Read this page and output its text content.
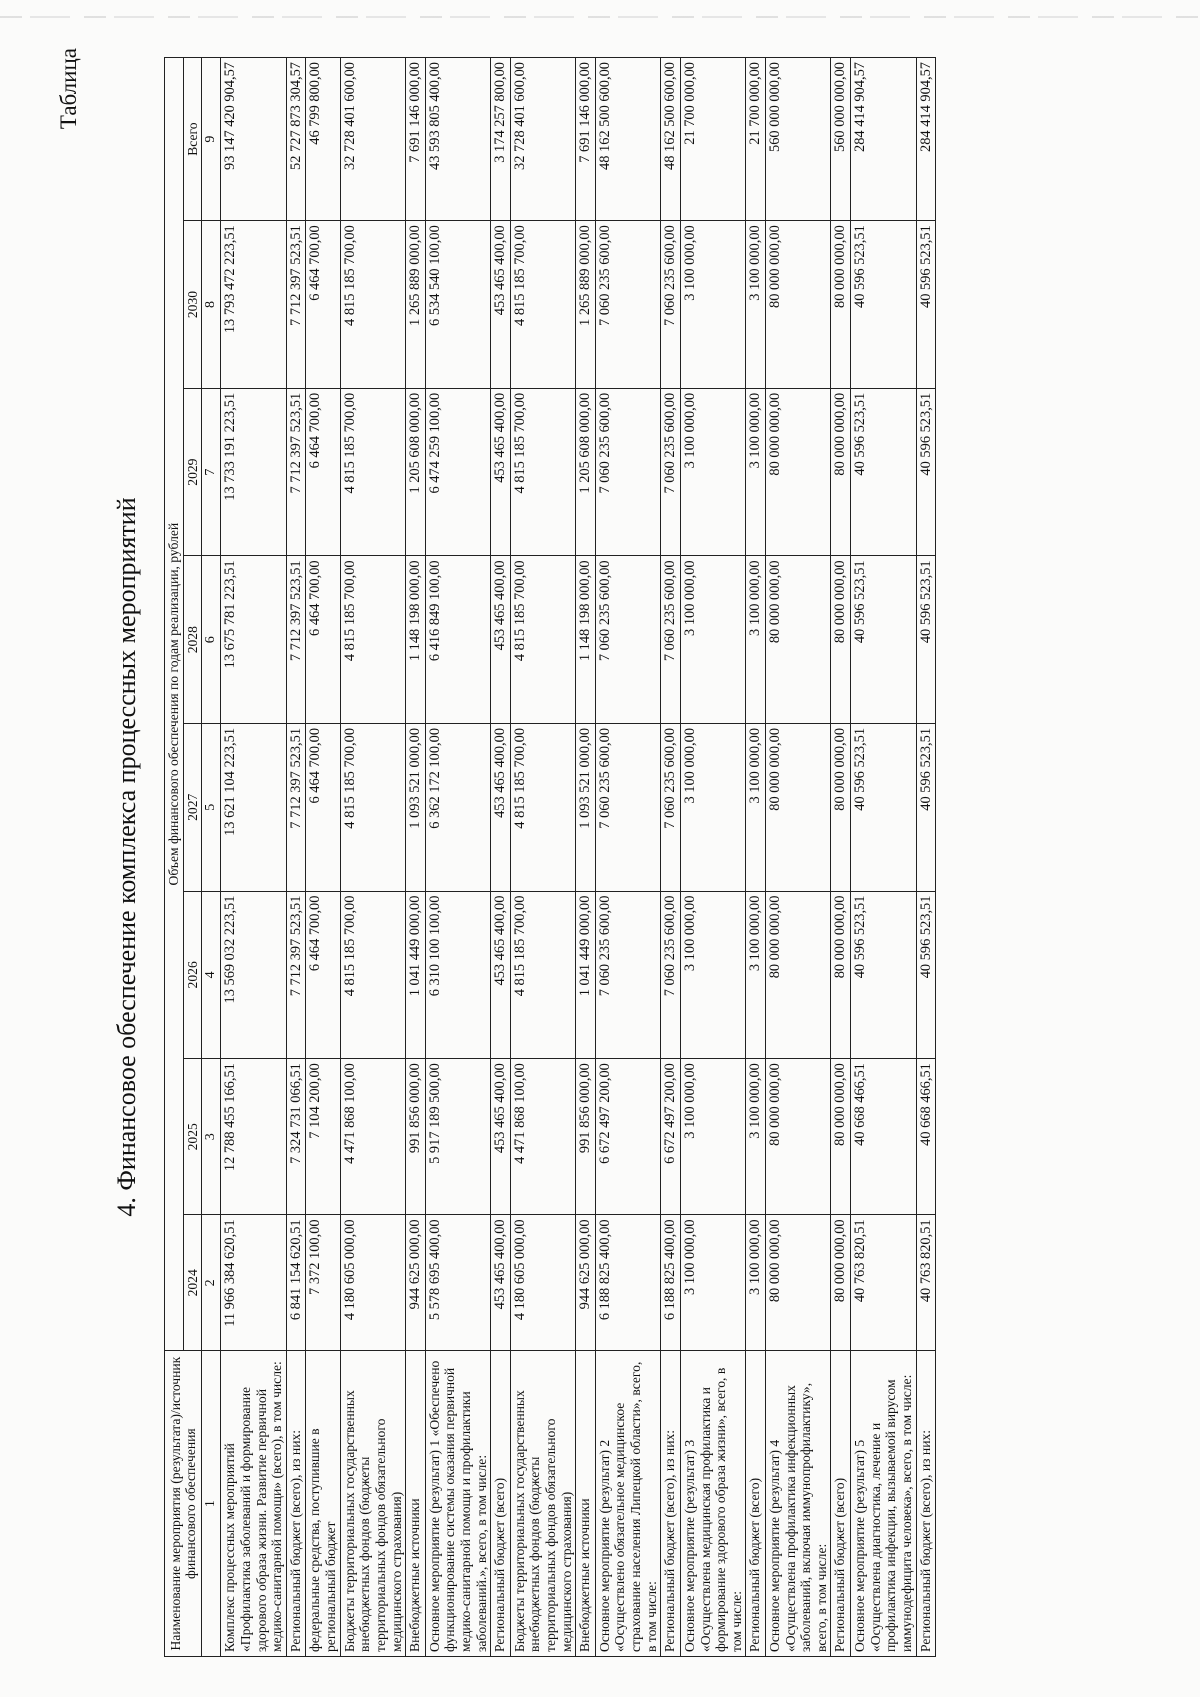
Таблица
4. Финансовое обеспечение комплекса процессных мероприятий
Наименование мероприятия (результата)/источник финансового обеспечения	Объем финансового обеспечения по годам реализации, рублей							
	2024	2025	2026	2027	2028	2029	2030	Всего
1	2	3	4	5	6	7	8	9
Комплекс процессных мероприятий «Профилактика заболеваний и формирование здорового образа жизни. Развитие первичной медико-санитарной помощи» (всего), в том числе:	11 966 384 620,51	12 788 455 166,51	13 569 032 223,51	13 621 104 223,51	13 675 781 223,51	13 733 191 223,51	13 793 472 223,51	93 147 420 904,57
Региональный бюджет (всего), из них:	6 841 154 620,51	7 324 731 066,51	7 712 397 523,51	7 712 397 523,51	7 712 397 523,51	7 712 397 523,51	7 712 397 523,51	52 727 873 304,57
федеральные средства, поступившие в региональный бюджет	7 372 100,00	7 104 200,00	6 464 700,00	6 464 700,00	6 464 700,00	6 464 700,00	6 464 700,00	46 799 800,00
Бюджеты территориальных государственных внебюджетных фондов (бюджеты территориальных фондов обязательного медицинского страхования)	4 180 605 000,00	4 471 868 100,00	4 815 185 700,00	4 815 185 700,00	4 815 185 700,00	4 815 185 700,00	4 815 185 700,00	32 728 401 600,00
Внебюджетные источники	944 625 000,00	991 856 000,00	1 041 449 000,00	1 093 521 000,00	1 148 198 000,00	1 205 608 000,00	1 265 889 000,00	7 691 146 000,00
Основное мероприятие (результат) 1 «Обеспечено функционирование системы оказания первичной медико-санитарной помощи и профилактики заболеваний.», всего, в том числе:	5 578 695 400,00	5 917 189 500,00	6 310 100 100,00	6 362 172 100,00	6 416 849 100,00	6 474 259 100,00	6 534 540 100,00	43 593 805 400,00
Региональный бюджет (всего)	453 465 400,00	453 465 400,00	453 465 400,00	453 465 400,00	453 465 400,00	453 465 400,00	453 465 400,00	3 174 257 800,00
Бюджеты территориальных государственных внебюджетных фондов (бюджеты территориальных фондов обязательного медицинского страхования)	4 180 605 000,00	4 471 868 100,00	4 815 185 700,00	4 815 185 700,00	4 815 185 700,00	4 815 185 700,00	4 815 185 700,00	32 728 401 600,00
Внебюджетные источники	944 625 000,00	991 856 000,00	1 041 449 000,00	1 093 521 000,00	1 148 198 000,00	1 205 608 000,00	1 265 889 000,00	7 691 146 000,00
Основное мероприятие (результат) 2 «Осуществлено обязательное медицинское страхование населения Липецкой области», всего, в том числе:	6 188 825 400,00	6 672 497 200,00	7 060 235 600,00	7 060 235 600,00	7 060 235 600,00	7 060 235 600,00	7 060 235 600,00	48 162 500 600,00
Региональный бюджет (всего), из них:	6 188 825 400,00	6 672 497 200,00	7 060 235 600,00	7 060 235 600,00	7 060 235 600,00	7 060 235 600,00	7 060 235 600,00	48 162 500 600,00
Основное мероприятие (результат) 3 «Осуществлена медицинская профилактика и формирование здорового образа жизни», всего, в том числе:	3 100 000,00	3 100 000,00	3 100 000,00	3 100 000,00	3 100 000,00	3 100 000,00	3 100 000,00	21 700 000,00
Региональный бюджет (всего)	3 100 000,00	3 100 000,00	3 100 000,00	3 100 000,00	3 100 000,00	3 100 000,00	3 100 000,00	21 700 000,00
Основное мероприятие (результат) 4 «Осуществлена профилактика инфекционных заболеваний, включая иммунопрофилактику», всего, в том числе:	80 000 000,00	80 000 000,00	80 000 000,00	80 000 000,00	80 000 000,00	80 000 000,00	80 000 000,00	560 000 000,00
Региональный бюджет (всего)	80 000 000,00	80 000 000,00	80 000 000,00	80 000 000,00	80 000 000,00	80 000 000,00	80 000 000,00	560 000 000,00
Основное мероприятие (результат) 5 «Осуществлена диагностика, лечение и профилактика инфекции, вызываемой вирусом иммунодефицита человека», всего, в том числе:	40 763 820,51	40 668 466,51	40 596 523,51	40 596 523,51	40 596 523,51	40 596 523,51	40 596 523,51	284 414 904,57
Региональный бюджет (всего), из них:	40 763 820,51	40 668 466,51	40 596 523,51	40 596 523,51	40 596 523,51	40 596 523,51	40 596 523,51	284 414 904,57
